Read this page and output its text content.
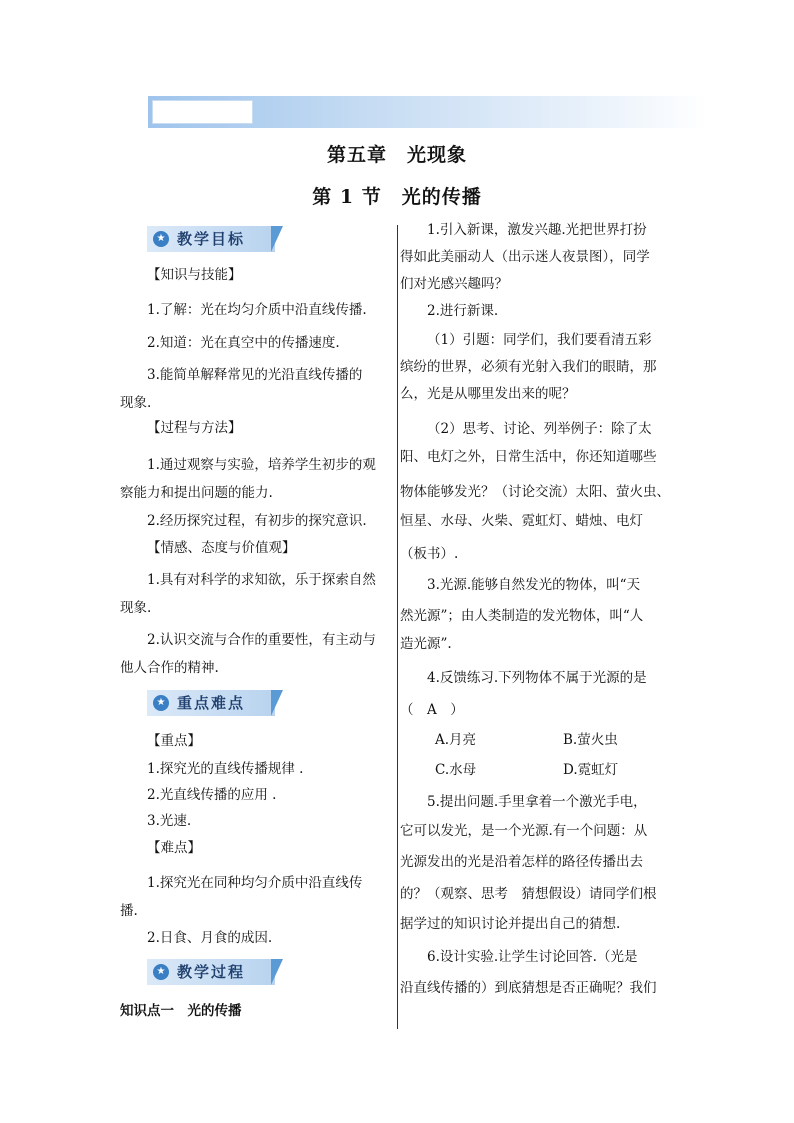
第五章　光现象
第 1 节　光的传播
★ 教学目标
【知识与技能】
1.了解：光在均匀介质中沿直线传播.
2.知道：光在真空中的传播速度.
3.能简单解释常见的光沿直线传播的
现象.
【过程与方法】
1.通过观察与实验，培养学生初步的观
察能力和提出问题的能力.
2.经历探究过程，有初步的探究意识.
【情感、态度与价值观】
1.具有对科学的求知欲，乐于探索自然
现象.
2.认识交流与合作的重要性，有主动与
他人合作的精神.
★ 重点难点
【重点】
1.探究光的直线传播规律 .
2.光直线传播的应用 .
3.光速.
【难点】
1.探究光在同种均匀介质中沿直线传
播.
2.日食、月食的成因.
★ 教学过程
知识点一　光的传播
1.引入新课，激发兴趣.光把世界打扮
得如此美丽动人（出示迷人夜景图），同学
们对光感兴趣吗？
2.进行新课.
（1）引题：同学们，我们要看清五彩
缤纷的世界，必须有光射入我们的眼睛，那
么，光是从哪里发出来的呢？
（2）思考、讨论、列举例子：除了太
阳、电灯之外，日常生活中，你还知道哪些
物体能够发光？（讨论交流）太阳、萤火虫、
恒星、水母、火柴、霓虹灯、蜡烛、电灯
（板书）.
3.光源.能够自然发光的物体，叫“天
然光源”；由人类制造的发光物体，叫“人
造光源”.
4.反馈练习.下列物体不属于光源的是
（　A　）
A.月亮	B.萤火虫
C.水母	D.霓虹灯
5.提出问题.手里拿着一个激光手电，
它可以发光，是一个光源.有一个问题：从
光源发出的光是沿着怎样的路径传播出去
的？（观察、思考　猜想假设）请同学们根
据学过的知识讨论并提出自己的猜想.
6.设计实验.让学生讨论回答.（光是
沿直线传播的）到底猜想是否正确呢？我们
